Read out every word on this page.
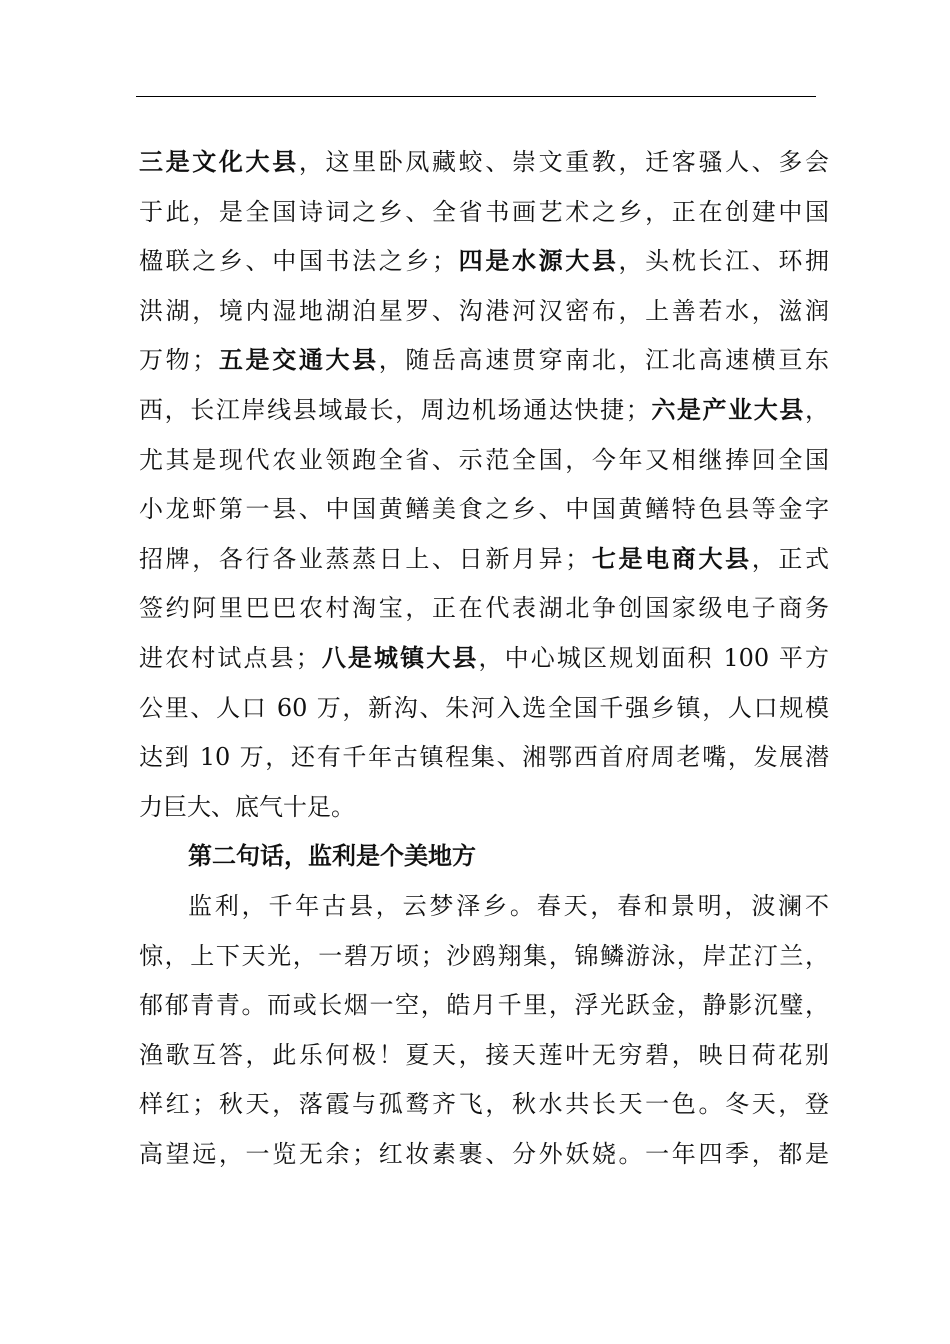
三是文化大县，这里卧凤藏蛟、崇文重教，迁客骚人、多会
于此，是全国诗词之乡、全省书画艺术之乡，正在创建中国
楹联之乡、中国书法之乡；四是水源大县，头枕长江、环拥
洪湖，境内湿地湖泊星罗、沟港河汉密布，上善若水，滋润
万物；五是交通大县，随岳高速贯穿南北，江北高速横亘东
西，长江岸线县域最长，周边机场通达快捷；六是产业大县，
尤其是现代农业领跑全省、示范全国，今年又相继捧回全国
小龙虾第一县、中国黄鳝美食之乡、中国黄鳝特色县等金字
招牌，各行各业蒸蒸日上、日新月异；七是电商大县，正式
签约阿里巴巴农村淘宝，正在代表湖北争创国家级电子商务
进农村试点县；八是城镇大县，中心城区规划面积 100 平方
公里、人口 60 万，新沟、朱河入选全国千强乡镇，人口规模
达到 10 万，还有千年古镇程集、湘鄂西首府周老嘴，发展潜
力巨大、底气十足。
第二句话，监利是个美地方
监利，千年古县，云梦泽乡。春天，春和景明，波澜不
惊，上下天光，一碧万顷；沙鸥翔集，锦鳞游泳，岸芷汀兰，
郁郁青青。而或长烟一空，皓月千里，浮光跃金，静影沉璧，
渔歌互答，此乐何极！夏天，接天莲叶无穷碧，映日荷花别
样红；秋天，落霞与孤鹜齐飞，秋水共长天一色。冬天，登
高望远，一览无余；红妆素裹、分外妖娆。一年四季，都是
